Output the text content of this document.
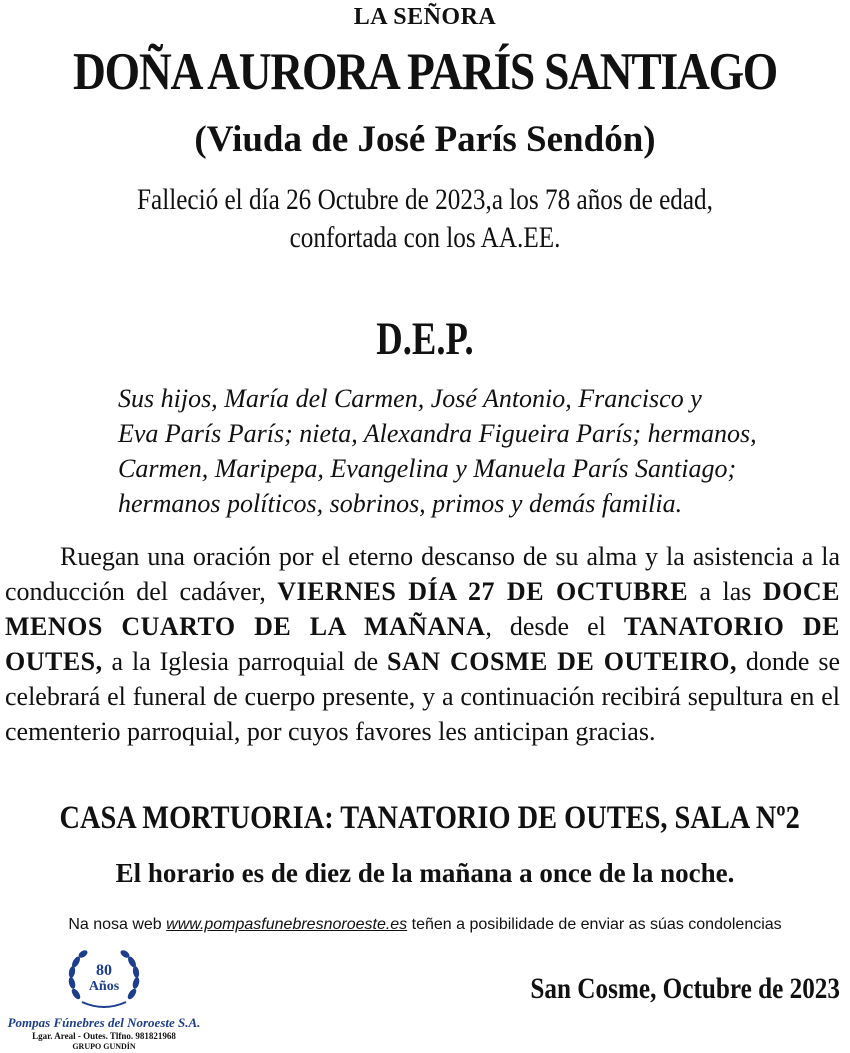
LA SEÑORA
DOÑA AURORA PARÍS SANTIAGO
(Viuda de José París Sendón)
Falleció el día 26 Octubre de 2023,a los 78 años de edad,
confortada con los AA.EE.
D.E.P.
Sus hijos, María del Carmen, José Antonio, Francisco y
Eva París París; nieta, Alexandra Figueira París; hermanos,
Carmen, Maripepa, Evangelina y Manuela París Santiago;
hermanos políticos, sobrinos, primos y demás familia.
Ruegan una oración por el eterno descanso de su alma y la asistencia a la conducción del cadáver, VIERNES DÍA 27 DE OCTUBRE a las DOCE MENOS CUARTO DE LA MAÑANA, desde el TANATORIO DE OUTES, a la Iglesia parroquial de SAN COSME DE OUTEIRO, donde se celebrará el funeral de cuerpo presente, y a continuación recibirá sepultura en el cementerio parroquial, por cuyos favores les anticipan gracias.
CASA MORTUORIA: TANATORIO DE OUTES, SALA Nº2
El horario es de diez de la mañana a once de la noche.
Na nosa web www.pompasfunebresnoroeste.es teñen a posibilidade de enviar as súas condolencias
80
Años
Pompas Fúnebres del Noroeste S.A.
Lgar. Areal - Outes. Tlfno. 981821968
GRUPO GUNDÍN
San Cosme, Octubre de 2023
